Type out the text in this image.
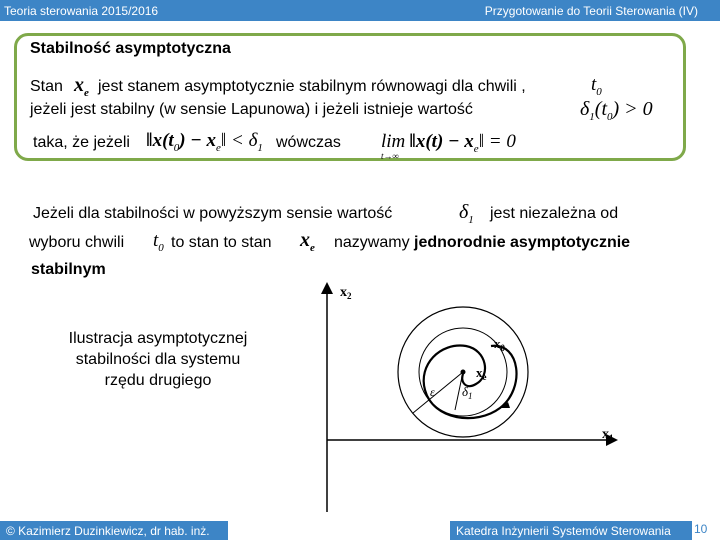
Teoria sterowania 2015/2016	Przygotowanie do Teorii Sterowania (IV)
Stabilność asymptotyczna
Stan $x_e$ jest stanem asymptotycznie stabilnym równowagi dla chwili ,	$t_0$
jeżeli jest stabilny (w sensie Lapunowa) i jeżeli istnieje wartość	$\delta_1(t_0) > 0$
taka, że jeżeli $‖x(t_0)$ − $x_e‖ < \delta_1$ wówczas lim ‖x(t) − $x_e‖ = 0$
t→∞
Jeżeli dla stabilności w powyższym sensie wartość	$\delta_1$ jest niezależna od
wyboru chwili $t_0$ to stan to stan $x_e$ nazywamy jednorodnie asymptotycznie
stabilnym
Ilustracja asymptotycznej
stabilności dla systemu
rzędu drugiego
$x_2$
$x_1$
$x_0$
$x_e$
ε $\delta_1$
© Kazimierz Duzinkiewicz, dr hab. inż.	Katedra Inżynierii Systemów Sterowania 10
